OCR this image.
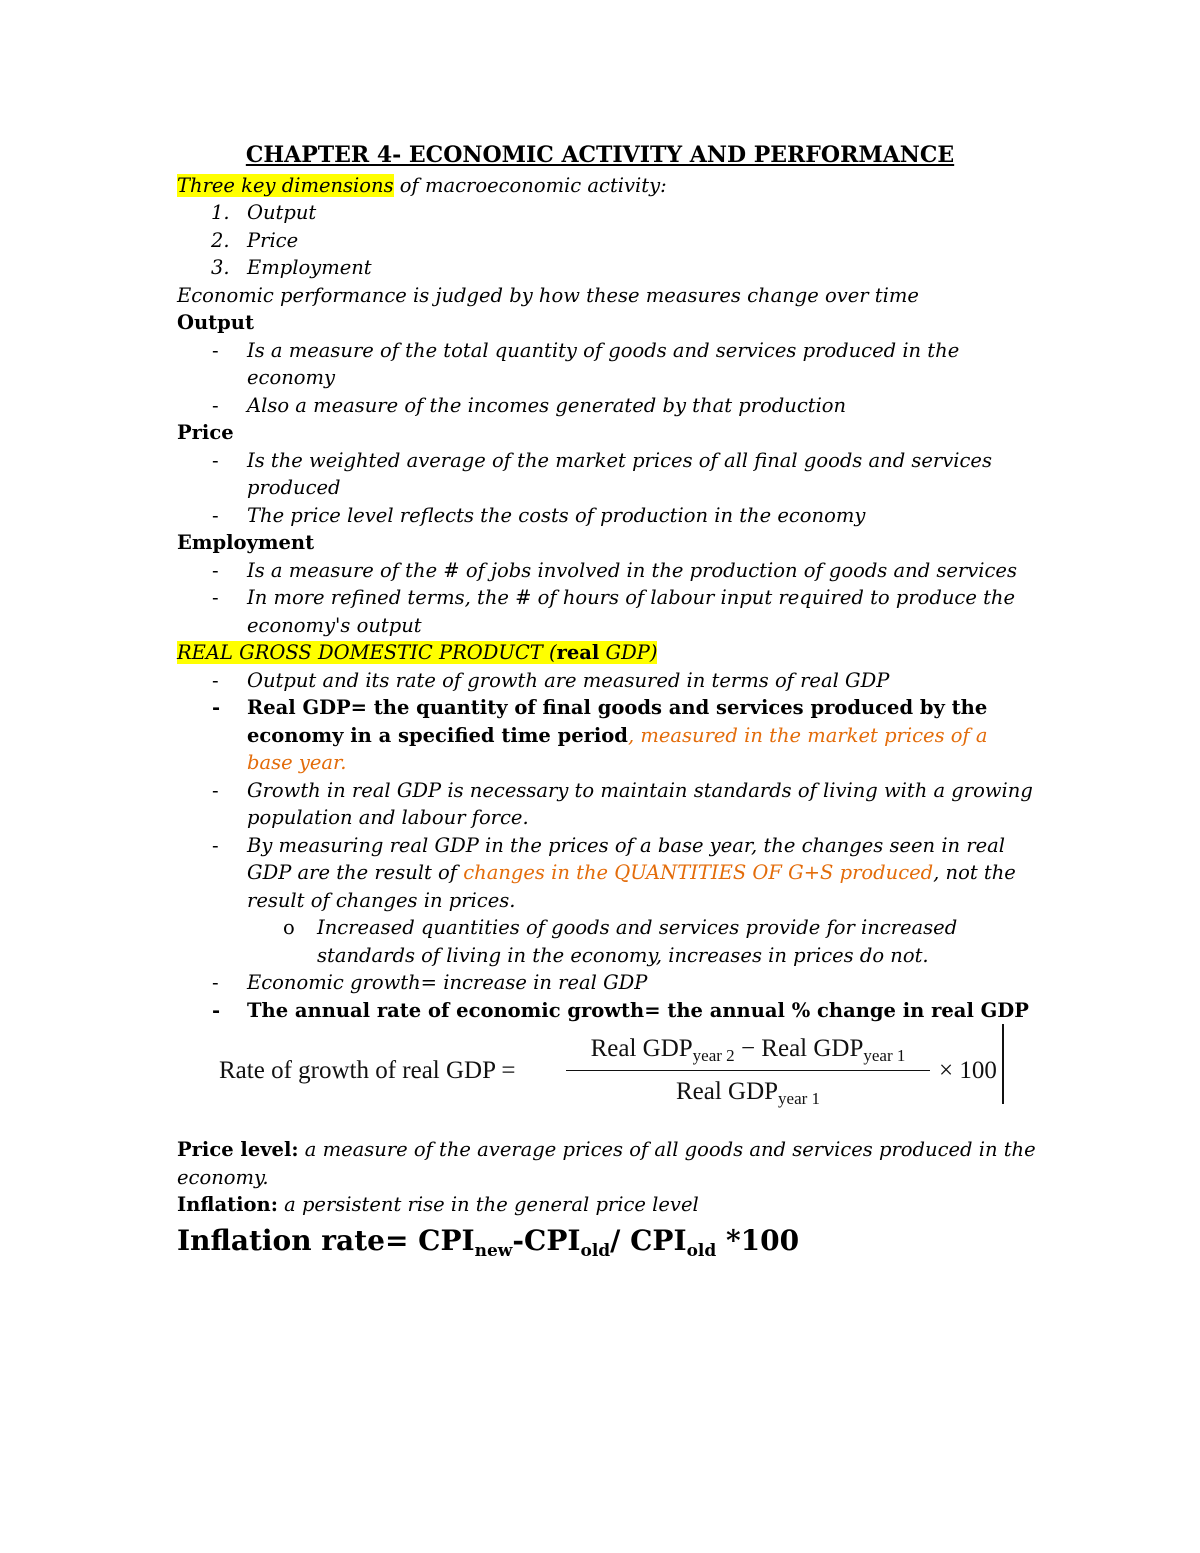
CHAPTER 4- ECONOMIC ACTIVITY AND PERFORMANCE

Three key dimensions of macroeconomic activity:

1. Output
2. Price
3. Employment

Economic performance is judged by how these measures change over time

Output

- Is a measure of the total quantity of goods and services produced in the economy
- Also a measure of the incomes generated by that production

Price

- Is the weighted average of the market prices of all final goods and services produced
- The price level reflects the costs of production in the economy

Employment

- Is a measure of the # of jobs involved in the production of goods and services
- In more refined terms, the # of hours of labour input required to produce the economy's output

REAL GROSS DOMESTIC PRODUCT (real GDP)

- Output and its rate of growth are measured in terms of real GDP
- Real GDP= the quantity of final goods and services produced by the economy in a specified time period, measured in the market prices of a base year.
- Growth in real GDP is necessary to maintain standards of living with a growing population and labour force.
- By measuring real GDP in the prices of a base year, the changes seen in real GDP are the result of changes in the QUANTITIES OF G+S produced, not the result of changes in prices.
o Increased quantities of goods and services provide for increased standards of living in the economy, increases in prices do not.
- Economic growth= increase in real GDP
- The annual rate of economic growth= the annual % change in real GDP
Rate of growth of real GDP =
Real $GDP_{year 2}$ − Real $GDP_{year 1}$
Real $GDP_{year 1}$
× 100

Price level: a measure of the average prices of all goods and services produced in the economy.

Inflation: a persistent rise in the general price level

Inflation rate= $CPI_{new}-CPI_{old}/$ $CPI_{old}$ *100
